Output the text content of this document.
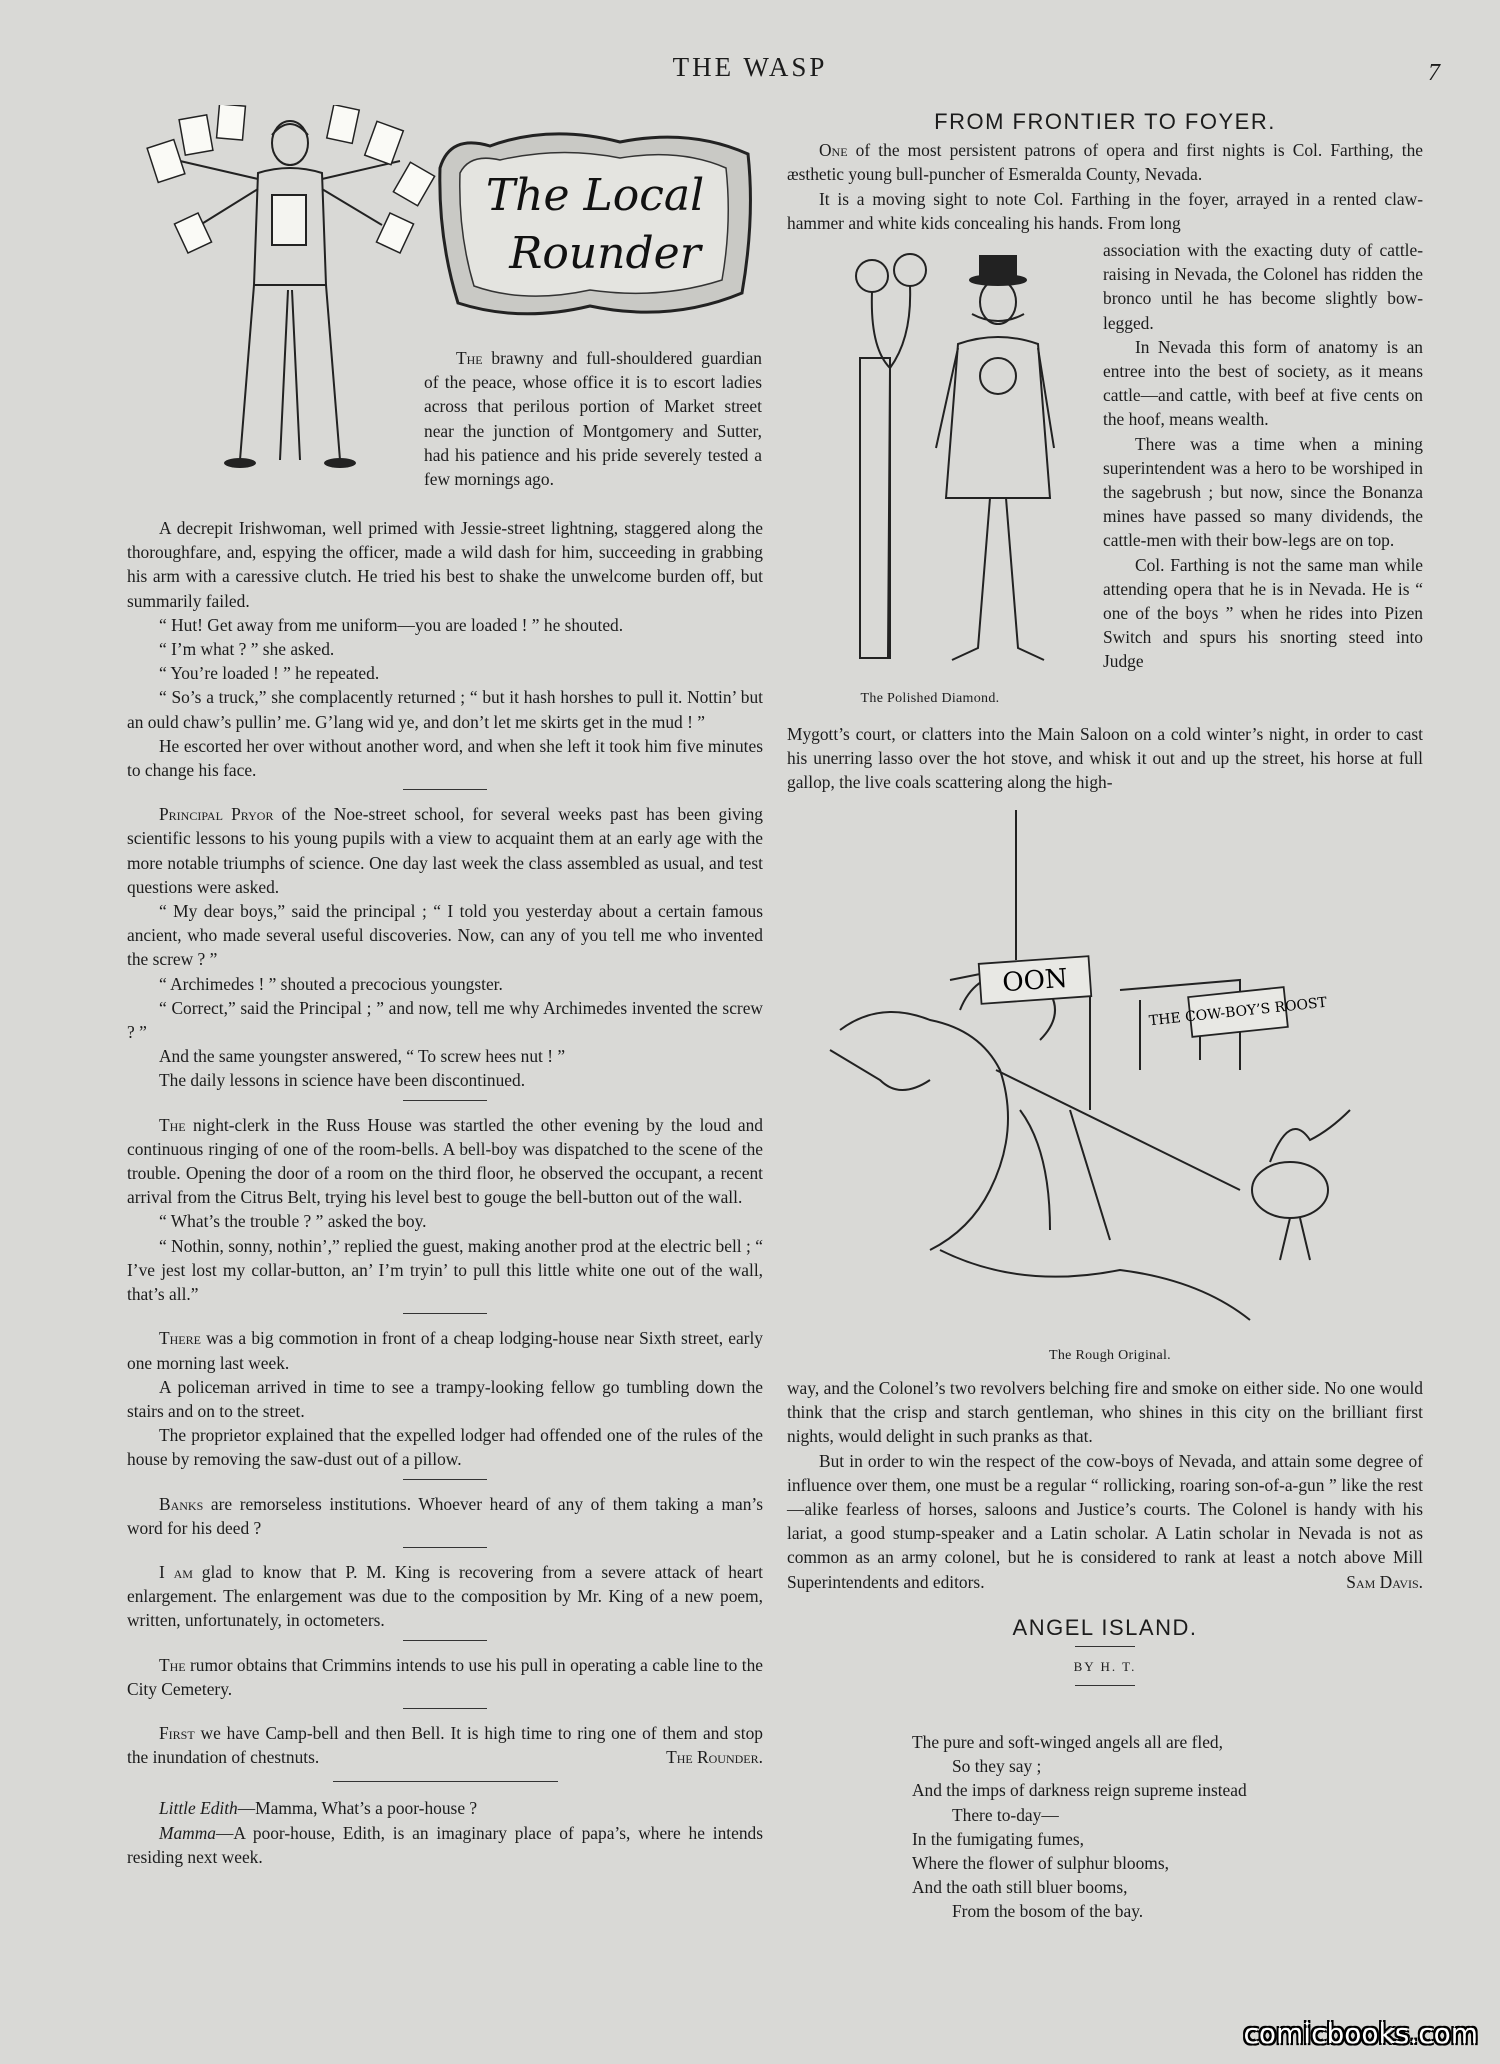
THE WASP	7
The Local
Rounder

The brawny and full-shouldered guardian of the peace, whose office it is to escort ladies across that perilous portion of Market street near the junction of Montgomery and Sutter, had his patience and his pride severely tested a few mornings ago.

A decrepit Irishwoman, well primed with Jessie-street lightning, staggered along the thoroughfare, and, espying the officer, made a wild dash for him, succeeding in grabbing his arm with a caressive clutch. He tried his best to shake the unwelcome burden off, but summarily failed.

“ Hut! Get away from me uniform—you are loaded ! ” he shouted.

“ I’m what ? ” she asked.

“ You’re loaded ! ” he repeated.

“ So’s a truck,” she complacently returned ; “ but it hash horshes to pull it. Nottin’ but an ould chaw’s pullin’ me. G’lang wid ye, and don’t let me skirts get in the mud ! ”

He escorted her over without another word, and when she left it took him five minutes to change his face.

Principal Pryor of the Noe-street school, for several weeks past has been giving scientific lessons to his young pupils with a view to acquaint them at an early age with the more notable triumphs of science. One day last week the class assembled as usual, and test questions were asked.

“ My dear boys,” said the principal ; “ I told you yesterday about a certain famous ancient, who made several useful discoveries. Now, can any of you tell me who invented the screw ? ”

“ Archimedes ! ” shouted a precocious youngster.

“ Correct,” said the Principal ; ” and now, tell me why Archimedes invented the screw ? ”

And the same youngster answered, “ To screw hees nut ! ”

The daily lessons in science have been discontinued.

The night-clerk in the Russ House was startled the other evening by the loud and continuous ringing of one of the room-bells. A bell-boy was dispatched to the scene of the trouble. Opening the door of a room on the third floor, he observed the occupant, a recent arrival from the Citrus Belt, trying his level best to gouge the bell-button out of the wall.

“ What’s the trouble ? ” asked the boy.

“ Nothin, sonny, nothin’,” replied the guest, making another prod at the electric bell ; “ I’ve jest lost my collar-button, an’ I’m tryin’ to pull this little white one out of the wall, that’s all.”

There was a big commotion in front of a cheap lodging-house near Sixth street, early one morning last week.

A policeman arrived in time to see a trampy-looking fellow go tumbling down the stairs and on to the street.

The proprietor explained that the expelled lodger had offended one of the rules of the house by removing the saw-dust out of a pillow.

Banks are remorseless institutions. Whoever heard of any of them taking a man’s word for his deed ?

I am glad to know that P. M. King is recovering from a severe attack of heart enlargement. The enlargement was due to the composition by Mr. King of a new poem, written, unfortunately, in octometers.

The rumor obtains that Crimmins intends to use his pull in operating a cable line to the City Cemetery.

First we have Camp-bell and then Bell. It is high time to ring one of them and stop the inundation of chestnuts.	The Rounder.

Little Edith—Mamma, What’s a poor-house ?

Mamma—A poor-house, Edith, is an imaginary place of papa’s, where he intends residing next week.

FROM FRONTIER TO FOYER.

One of the most persistent patrons of opera and first nights is Col. Farthing, the æsthetic young bull-puncher of Esmeralda County, Nevada.

It is a moving sight to note Col. Farthing in the foyer, arrayed in a rented claw-hammer and white kids concealing his hands. From long

The Polished Diamond.

association with the exacting duty of cattle-raising in Nevada, the Colonel has ridden the bronco until he has become slightly bow-legged.

In Nevada this form of anatomy is an entree into the best of society, as it means cattle—and cattle, with beef at five cents on the hoof, means wealth.

There was a time when a mining superintendent was a hero to be worshiped in the sagebrush ; but now, since the Bonanza mines have passed so many dividends, the cattle-men with their bow-legs are on top.

Col. Farthing is not the same man while attending opera that he is in Nevada. He is “ one of the boys ” when he rides into Pizen Switch and spurs his snorting steed into Judge

Mygott’s court, or clatters into the Main Saloon on a cold winter’s night, in order to cast his unerring lasso over the hot stove, and whisk it out and up the street, his horse at full gallop, the live coals scattering along the high-

THE COW-BOY’S ROOST
OON
The Rough Original.

way, and the Colonel’s two revolvers belching fire and smoke on either side. No one would think that the crisp and starch gentleman, who shines in this city on the brilliant first nights, would delight in such pranks as that.

But in order to win the respect of the cow-boys of Nevada, and attain some degree of influence over them, one must be a regular “ rollicking, roaring son-of-a-gun ” like the rest—alike fearless of horses, saloons and Justice’s courts. The Colonel is handy with his lariat, a good stump-speaker and a Latin scholar. A Latin scholar in Nevada is not as common as an army colonel, but he is considered to rank at least a notch above Mill Superintendents and editors.	Sam Davis.

ANGEL ISLAND.
BY H. T.
The pure and soft-winged angels all are fled,
So they say ;
And the imps of darkness reign supreme instead
There to-day—
In the fumigating fumes,
Where the flower of sulphur blooms,
And the oath still bluer booms,
From the bosom of the bay.
comicbooks.com
